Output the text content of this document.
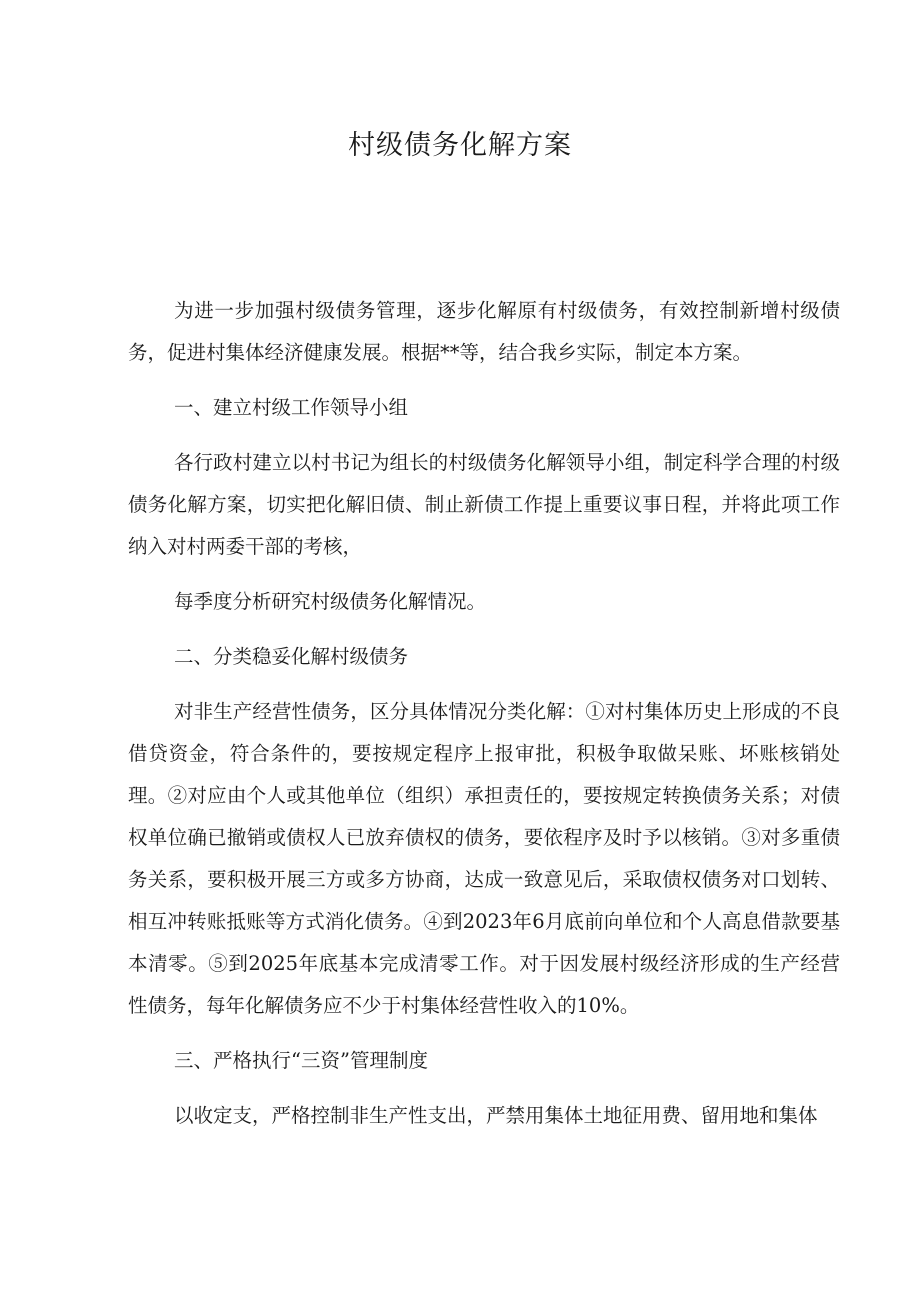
村级债务化解方案

为进一步加强村级债务管理，逐步化解原有村级债务，有效控制新增村级债务，促进村集体经济健康发展。根据**等，结合我乡实际，制定本方案。

一、建立村级工作领导小组

各行政村建立以村书记为组长的村级债务化解领导小组，制定科学合理的村级债务化解方案，切实把化解旧债、制止新债工作提上重要议事日程，并将此项工作纳入对村两委干部的考核，

每季度分析研究村级债务化解情况。

二、分类稳妥化解村级债务

对非生产经营性债务，区分具体情况分类化解：①对村集体历史上形成的不良借贷资金，符合条件的，要按规定程序上报审批，积极争取做呆账、坏账核销处理。②对应由个人或其他单位（组织）承担责任的，要按规定转换债务关系；对债权单位确已撤销或债权人已放弃债权的债务，要依程序及时予以核销。③对多重债务关系，要积极开展三方或多方协商，达成一致意见后，采取债权债务对口划转、相互冲转账抵账等方式消化债务。④到2023年6月底前向单位和个人高息借款要基本清零。⑤到2025年底基本完成清零工作。对于因发展村级经济形成的生产经营性债务，每年化解债务应不少于村集体经营性收入的10%。

三、严格执行“三资”管理制度

以收定支，严格控制非生产性支出，严禁用集体土地征用费、留用地和集体
